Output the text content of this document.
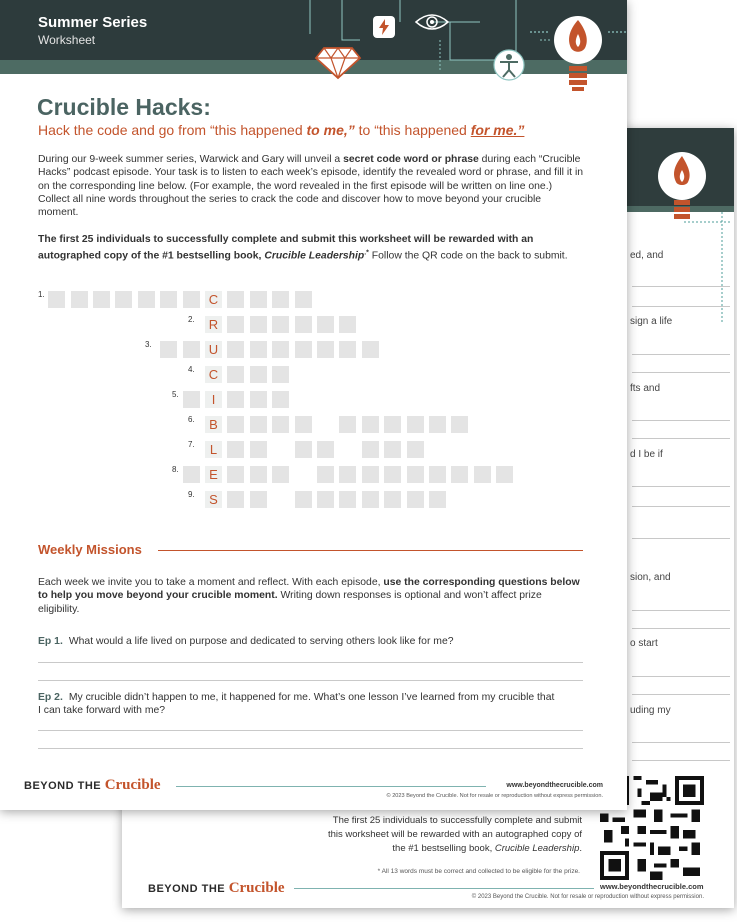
ed, and
sign a life
fts and
d I be if
sion, and
o start
uding my
The first 25 individuals to successfully complete and submit this worksheet will be rewarded with an autographed copy of the #1 bestselling book, Crucible Leadership.
* All 13 words must be correct and collected to be eligible for the prize.
www.beyondthecrucible.com
BEYOND THE Crucible
© 2023 Beyond the Crucible. Not for resale or reproduction without express permission.
Summer Series
Worksheet
Crucible Hacks:
Hack the code and go from “this happened to me,” to “this happened for me.”
During our 9-week summer series, Warwick and Gary will unveil a secret code word or phrase during each “Crucible Hacks” podcast episode. Your task is to listen to each week’s episode, identify the revealed word or phrase, and fill it in on the corresponding line below. (For example, the word revealed in the first episode will be written on line one.) Collect all nine words throughout the series to crack the code and discover how to move beyond your crucible moment.
The first 25 individuals to successfully complete and submit this worksheet will be rewarded with an autographed copy of the #1 bestselling book, Crucible Leadership.* Follow the QR code on the back to submit.
1.	C
2. R
3.	U
4. C
5.	I
6.	B
7.	L
8.	E
9.	S
Weekly Missions
Each week we invite you to take a moment and reflect. With each episode, use the corresponding questions below to help you move beyond your crucible moment. Writing down responses is optional and won’t affect prize eligibility.
Ep 1. What would a life lived on purpose and dedicated to serving others look like for me?
Ep 2. My crucible didn’t happen to me, it happened for me. What’s one lesson I’ve learned from my crucible that I can take forward with me?
BEYOND THE Crucible	www.beyondthecrucible.com
© 2023 Beyond the Crucible. Not for resale or reproduction without express permission.
